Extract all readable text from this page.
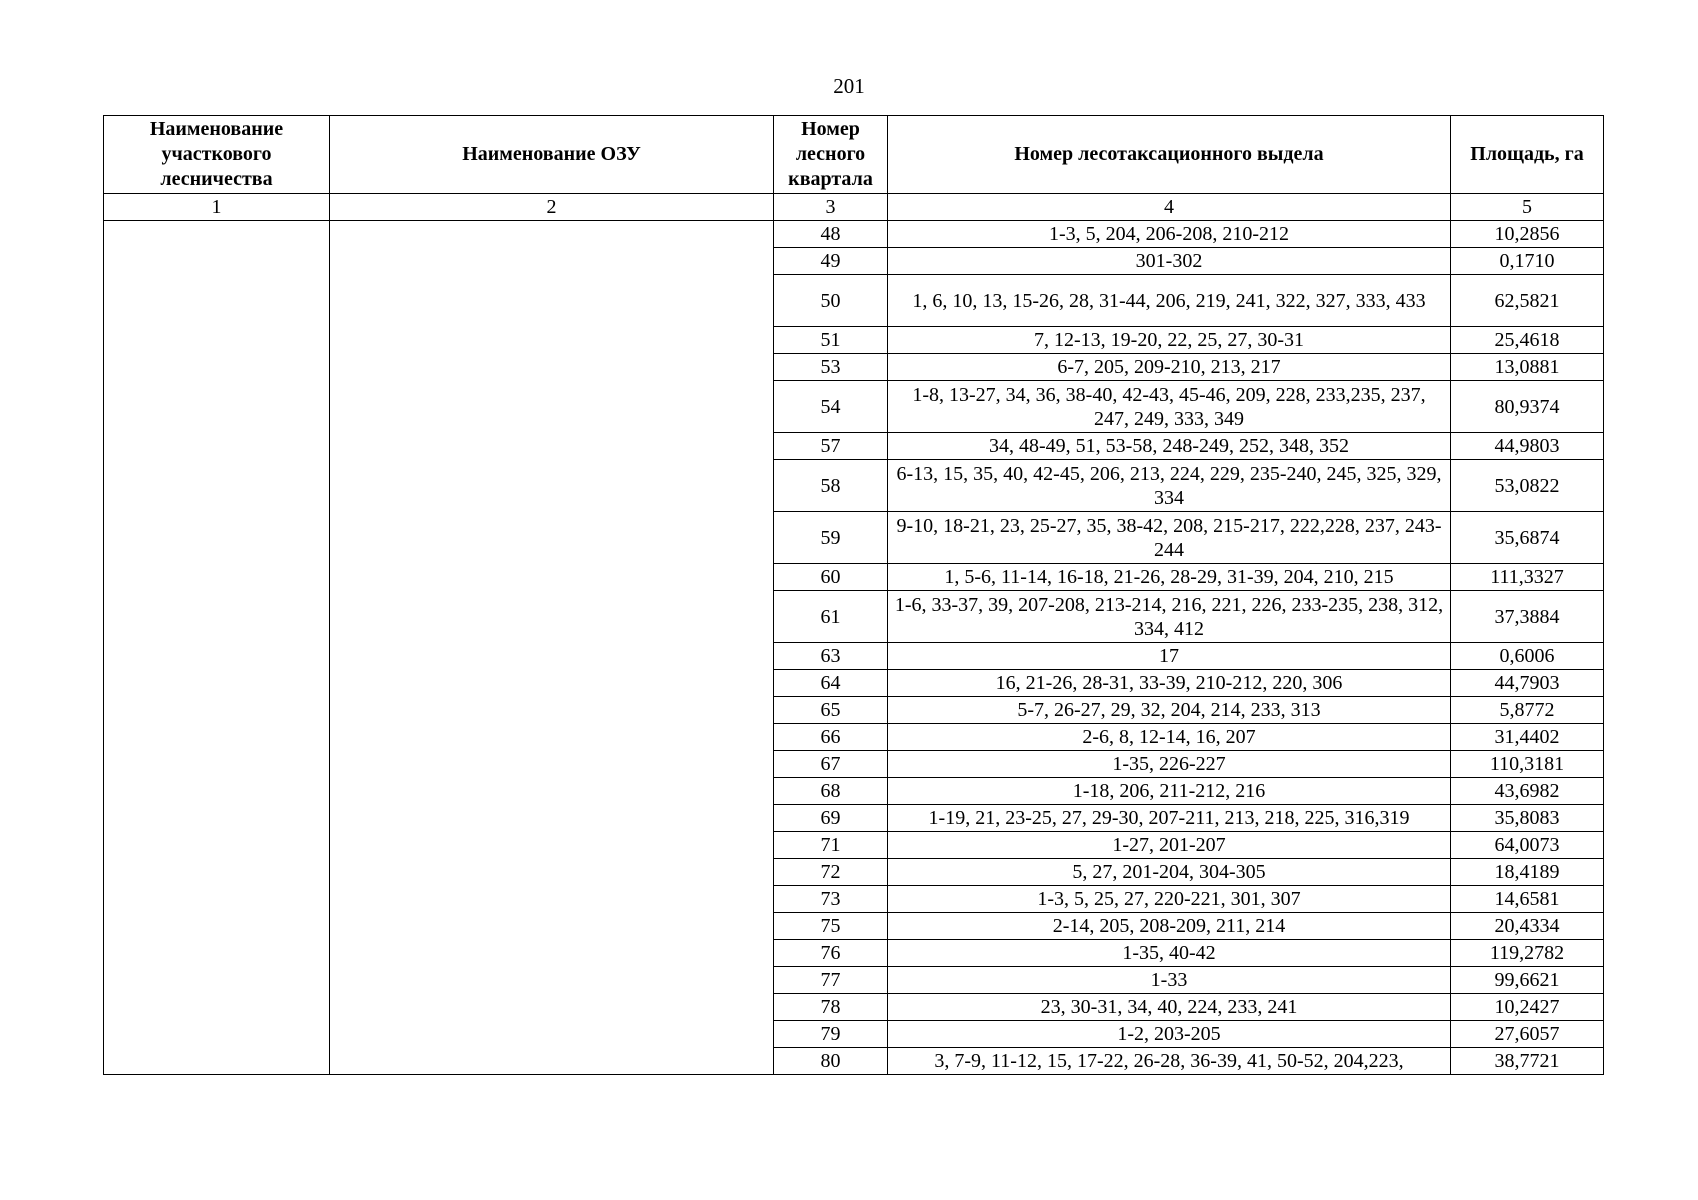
201
Наименование участкового лесничества	Наименование ОЗУ	Номер лесного квартала	Номер лесотаксационного выдела	Площадь, га
1	2	3	4	5
		48	1-3, 5, 204, 206-208, 210-212	10,2856
		49	301-302	0,1710
		50	1, 6, 10, 13, 15-26, 28, 31-44, 206, 219, 241, 322, 327, 333, 433	62,5821
		51	7, 12-13, 19-20, 22, 25, 27, 30-31	25,4618
		53	6-7, 205, 209-210, 213, 217	13,0881
		54	1-8, 13-27, 34, 36, 38-40, 42-43, 45-46, 209, 228, 233,235, 237, 247, 249, 333, 349	80,9374
		57	34, 48-49, 51, 53-58, 248-249, 252, 348, 352	44,9803
		58	6-13, 15, 35, 40, 42-45, 206, 213, 224, 229, 235-240, 245, 325, 329, 334	53,0822
		59	9-10, 18-21, 23, 25-27, 35, 38-42, 208, 215-217, 222,228, 237, 243-244	35,6874
		60	1, 5-6, 11-14, 16-18, 21-26, 28-29, 31-39, 204, 210, 215	111,3327
		61	1-6, 33-37, 39, 207-208, 213-214, 216, 221, 226, 233-235, 238, 312, 334, 412	37,3884
		63	17	0,6006
		64	16, 21-26, 28-31, 33-39, 210-212, 220, 306	44,7903
		65	5-7, 26-27, 29, 32, 204, 214, 233, 313	5,8772
		66	2-6, 8, 12-14, 16, 207	31,4402
		67	1-35, 226-227	110,3181
		68	1-18, 206, 211-212, 216	43,6982
		69	1-19, 21, 23-25, 27, 29-30, 207-211, 213, 218, 225, 316,319	35,8083
		71	1-27, 201-207	64,0073
		72	5, 27, 201-204, 304-305	18,4189
		73	1-3, 5, 25, 27, 220-221, 301, 307	14,6581
		75	2-14, 205, 208-209, 211, 214	20,4334
		76	1-35, 40-42	119,2782
		77	1-33	99,6621
		78	23, 30-31, 34, 40, 224, 233, 241	10,2427
		79	1-2, 203-205	27,6057
		80	3, 7-9, 11-12, 15, 17-22, 26-28, 36-39, 41, 50-52, 204,223,	38,7721
